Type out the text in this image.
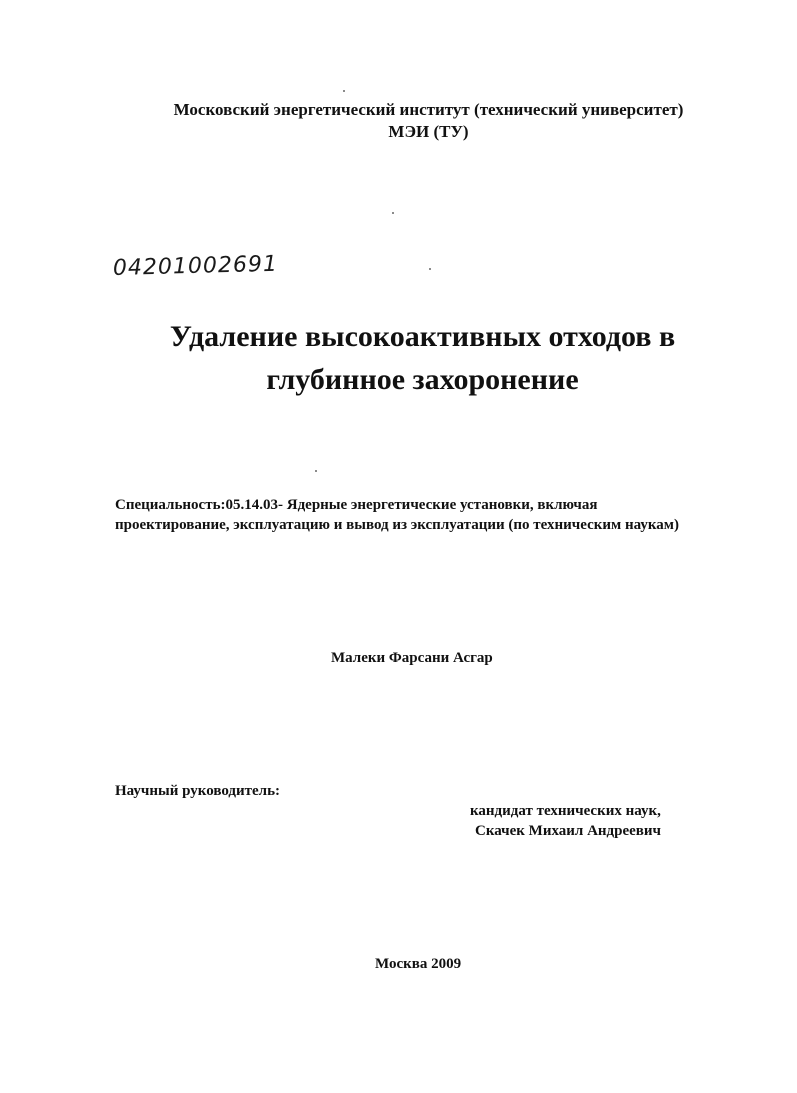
Московский энергетический институт (технический университет)
МЭИ (ТУ)
04201002691
Удаление высокоактивных отходов в
глубинное захоронение
Специальность:05.14.03- Ядерные энергетические установки, включая
проектирование, эксплуатацию и вывод из эксплуатации (по техническим наукам)
Малеки Фарсани Асгар
Научный руководитель:
кандидат технических наук,
Скачек Михаил Андреевич
Москва 2009
